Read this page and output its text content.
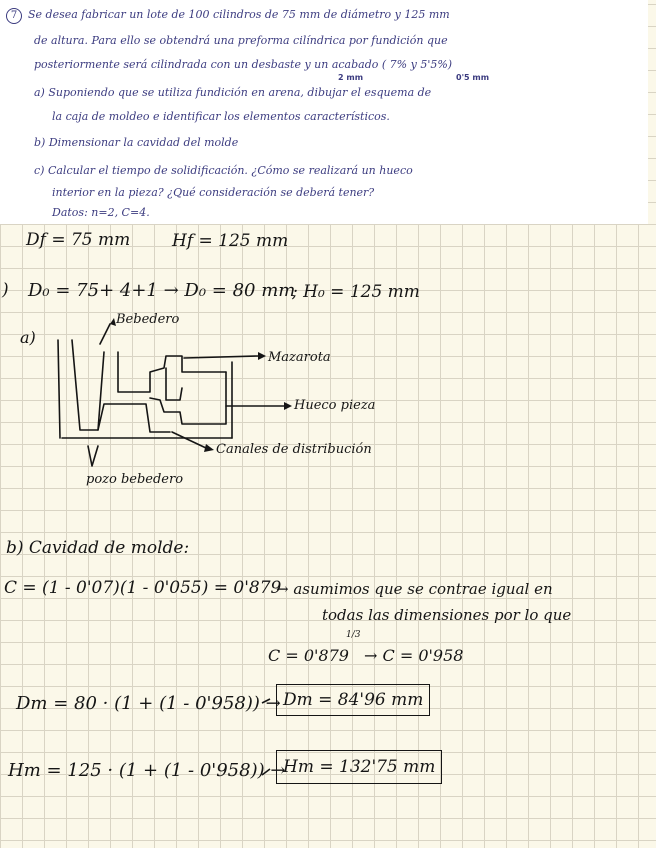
7 Se desea fabricar un lote de 100 cilindros de 75 mm de diámetro y 125 mm
de altura. Para ello se obtendrá una preforma cilíndrica por fundición que
posteriormente será cilindrada con un desbaste y un acabado ( 7% y 5'5%)
2 mm	0'5 mm
a) Suponiendo que se utiliza fundición en arena, dibujar el esquema de
la caja de moldeo e identificar los elementos característicos.
b) Dimensionar la cavidad del molde
c) Calcular el tiempo de solidificación. ¿Cómo se realizará un hueco
interior en la pieza? ¿Qué consideración se deberá tener?
Datos: n=2, C=4.
Df = 75 mm Hf = 125 mm
) D₀ = 75+ 4+1 → D₀ = 80 mm
; H₀ = 125 mm
a)
Bebedero
Mazarota
Hueco pieza
Canales de distribución
pozo bebedero
b) Cavidad de molde:
C = (1 - 0'07)(1 - 0'055) = 0'879
→ asumimos que se contrae igual en
todas las dimensiones por lo que
C = 0'879
1/3
→ C = 0'958
Dm = 80 · (1 + (1 - 0'958)) → Dm = 84'96 mm
Hm = 125 · (1 + (1 - 0'958)) →
Hm = 132'75 mm
